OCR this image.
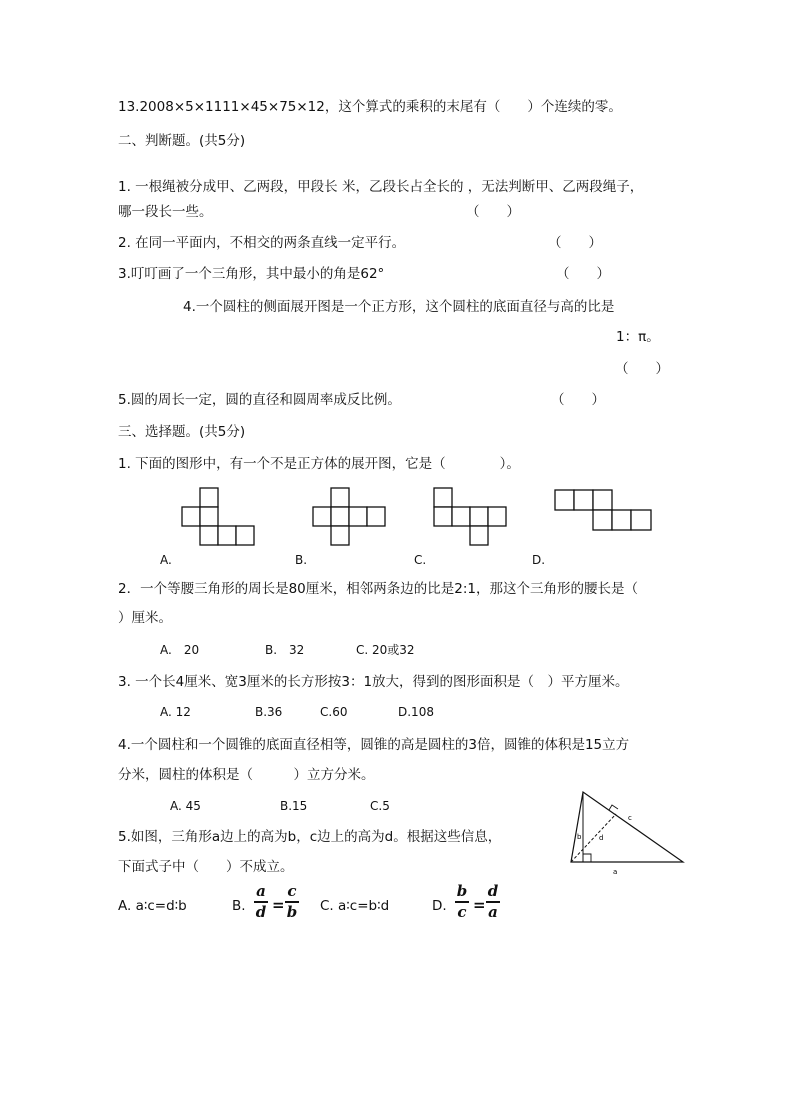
13.2008×5×1111×45×75×12，这个算式的乘积的末尾有（　　）个连续的零。
二、判断题。(共5分)
1. 一根绳被分成甲、乙两段，甲段长 米，乙段长占全长的 ，无法判断甲、乙两段绳子，
哪一段长一些。	（　　）
2. 在同一平面内，不相交的两条直线一定平行。	（　　）
3.叮叮画了一个三角形，其中最小的角是62°	（　　）
4.一个圆柱的侧面展开图是一个正方形，这个圆柱的底面直径与高的比是
1：π。
（　　）
5.圆的周长一定，圆的直径和圆周率成反比例。	（　　）
三、选择题。(共5分)
1. 下面的图形中，有一个不是正方体的展开图，它是（　　　　）。
A.	B.	C.	D.
2．一个等腰三角形的周长是80厘米，相邻两条边的比是2:1，那这个三角形的腰长是（
）厘米。
A.　20	B.　32	C. 20或32
3. 一个长4厘米、宽3厘米的长方形按3：1放大，得到的图形面积是（　）平方厘米。
A. 12	B.36	C.60	D.108
4.一个圆柱和一个圆锥的底面直径相等，圆锥的高是圆柱的3倍，圆锥的体积是15立方
分米，圆柱的体积是（　　　）立方分米。
A. 45	B.15	C.5
b
c
d
a
5.如图，三角形a边上的高为b，c边上的高为d。根据这些信息，
下面式子中（　　）不成立。
A. a∶c=d∶b	B.
a
d =
c
b C. a∶c=b∶d	D.
b
c =
d
a
